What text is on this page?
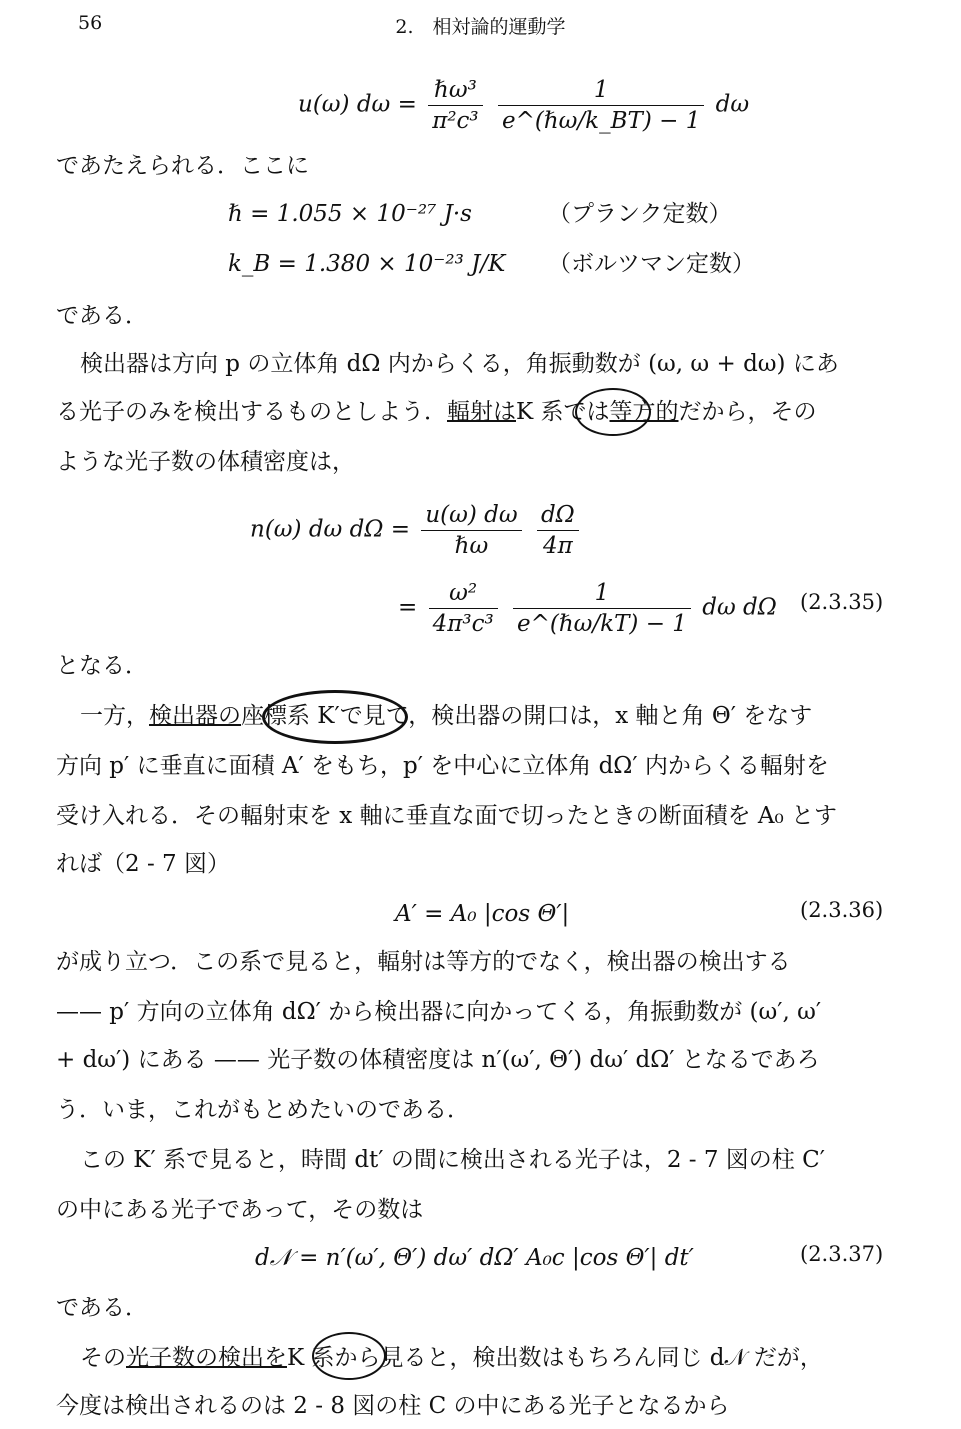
56	2.　相対論的運動学
u(ω) $d\omega = \frac{\text{ℏω³}}{\text{π²c³}}$
$\frac{1}{\text{e\textasciicircum{}(ℏω/k\_BT) − 1}}$ dω
であたえられる．ここに
ℏ = 1.055 × 10⁻²⁷ J·s	（プランク定数）
k_B = 1.380 × 10⁻²³ J/K （ボルツマン定数）
である．
検出器は方向 p の立体角 dΩ 内からくる，角振動数が (ω, ω + dω) にあ
る光子のみを検出するものとしよう．輻射はK 系では等方的だから，その
ような光子数の体積密度は，
n(ω) dω $d\Omega = \frac{u(\omega) d\omega}{\text{ℏω}}$
$\frac{d\Omega}{4\pi}$
= $\frac{\text{ω²}}{\text{4π³c³}}$
$\frac{1}{\text{e\textasciicircum{}(ℏω/kT) − 1}}$ dω dΩ (2.3.35)
となる．
一方，検出器の座標系 K′で見て，検出器の開口は，x 軸と角 Θ′ をなす
方向 p′ に垂直に面積 A′ をもち，p′ を中心に立体角 dΩ′ 内からくる輻射を
受け入れる．その輻射束を x 軸に垂直な面で切ったときの断面積を A₀ とす
れば（2 - 7 図）
A′ = A₀ |cos Θ′|	(2.3.36)
が成り立つ．この系で見ると，輻射は等方的でなく，検出器の検出する
—— p′ 方向の立体角 dΩ′ から検出器に向かってくる，角振動数が (ω′, ω′
+ dω′) にある —— 光子数の体積密度は n′(ω′, Θ′) dω′ dΩ′ となるであろ
う．いま，これがもとめたいのである．
この K′ 系で見ると，時間 dt′ の間に検出される光子は，2 - 7 図の柱 C′
の中にある光子であって，その数は
d𝒩 = n′(ω′, Θ′) dω′ dΩ′ A₀c |cos Θ′| dt′	(2.3.37)
である．
その光子数の検出をK 系から見ると，検出数はもちろん同じ d𝒩 だが，
今度は検出されるのは 2 - 8 図の柱 C の中にある光子となるから
